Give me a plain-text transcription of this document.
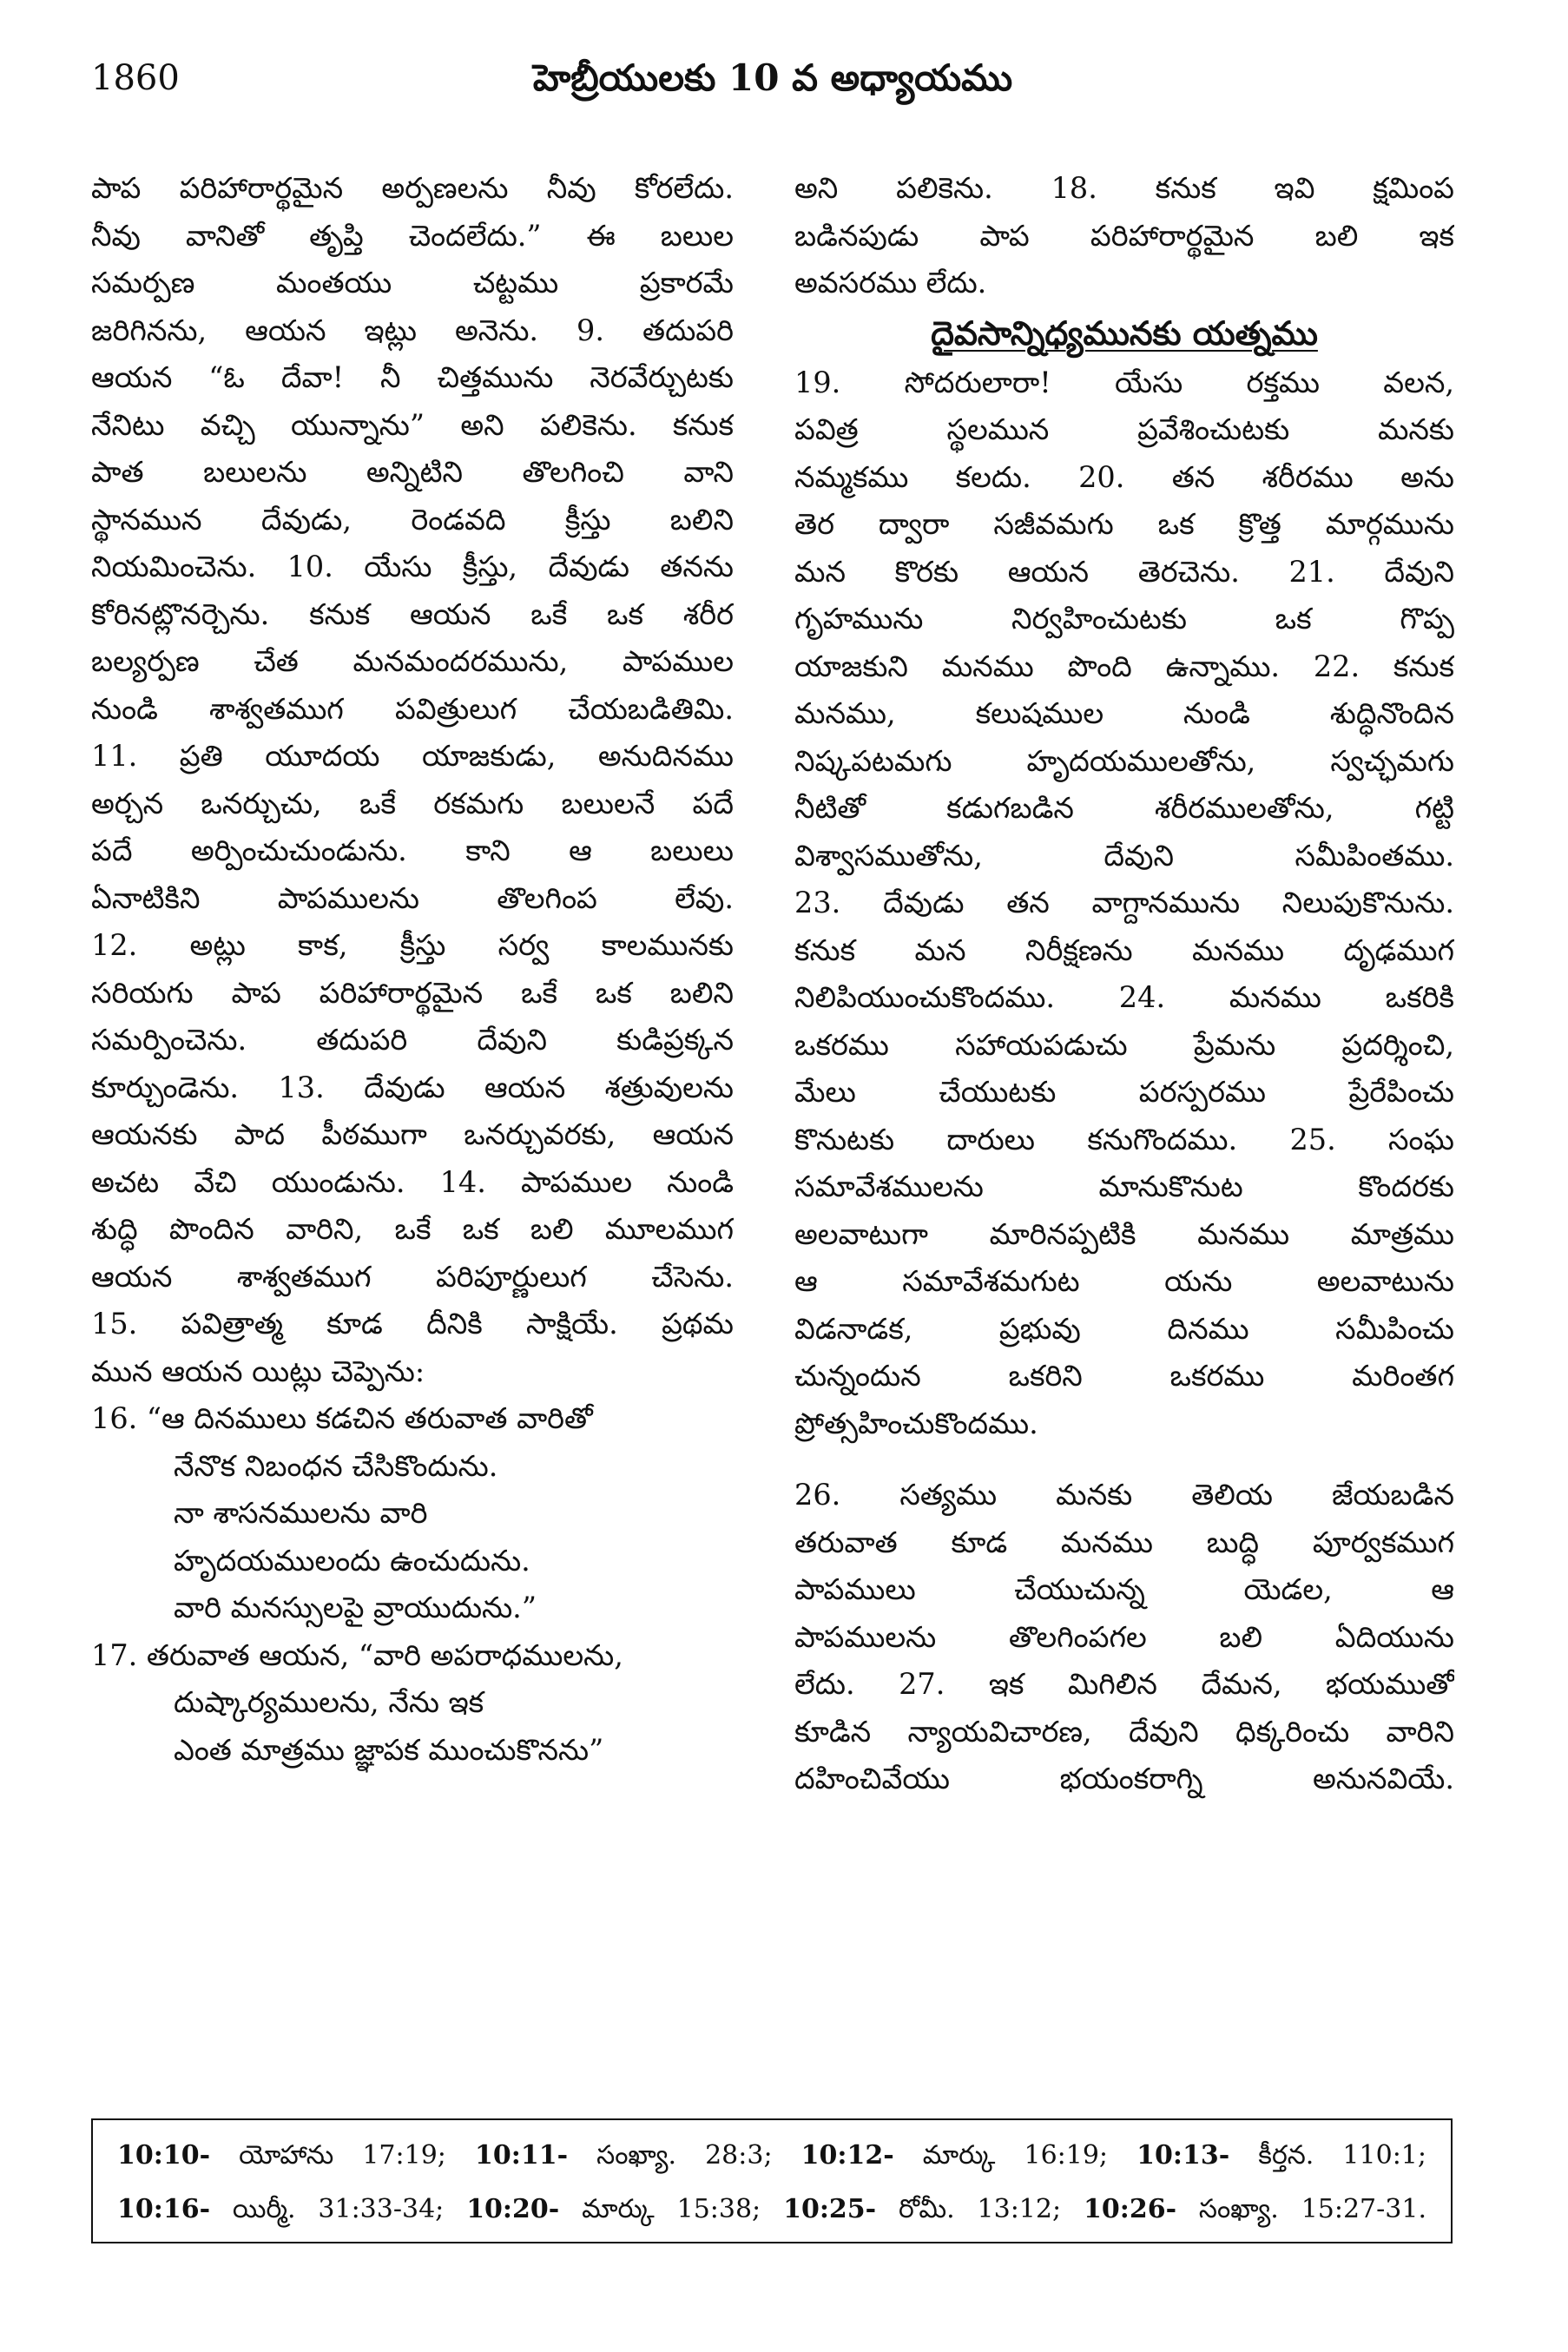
1860	హెబ్రీయులకు 10 వ అధ్యాయము
పాప పరిహారార్థమైన అర్పణలను నీవు కోరలేదు.
నీవు వానితో తృప్తి చెందలేదు.” ఈ బలుల
సమర్పణ మంతయు చట్టము ప్రకారమే
జరిగినను, ఆయన ఇట్లు అనెను. 9. తదుపరి
ఆయన “ఓ దేవా! నీ చిత్తమును నెరవేర్చుటకు
నేనిటు వచ్చి యున్నాను” అని పలికెను. కనుక
పాత బలులను అన్నిటిని తొలగించి వాని
స్థానమున దేవుడు, రెండవది క్రీస్తు బలిని
నియమించెను. 10. యేసు క్రీస్తు, దేవుడు తనను
కోరినట్లొనర్చెను. కనుక ఆయన ఒకే ఒక శరీర
బల్యర్పణ చేత మనమందరమును, పాపముల
నుండి శాశ్వతముగ పవిత్రులుగ చేయబడితిమి.
11. ప్రతి యూదయ యాజకుడు, అనుదినము
అర్చన ఒనర్చుచు, ఒకే రకమగు బలులనే పదే
పదే అర్పించుచుండును. కాని ఆ బలులు
ఏనాటికిని పాపములను తొలగింప లేవు.
12. అట్లు కాక, క్రీస్తు సర్వ కాలమునకు
సరియగు పాప పరిహారార్థమైన ఒకే ఒక బలిని
సమర్పించెను. తదుపరి దేవుని కుడిప్రక్కన
కూర్చుండెను. 13. దేవుడు ఆయన శత్రువులను
ఆయనకు పాద పీఠముగా ఒనర్చువరకు, ఆయన
అచట వేచి యుండును. 14. పాపముల నుండి
శుద్ధి పొందిన వారిని, ఒకే ఒక బలి మూలముగ
ఆయన శాశ్వతముగ పరిపూర్ణులుగ చేసెను.
15. పవిత్రాత్మ కూడ దీనికి సాక్షియే. ప్రథమ
మున ఆయన యిట్లు చెప్పెను:
16. “ఆ దినములు కడచిన తరువాత వారితో
నేనొక నిబంధన చేసికొందును.
నా శాసనములను వారి
హృదయములందు ఉంచుదును.
వారి మనస్సులపై వ్రాయుదును.”
17. తరువాత ఆయన, “వారి అపరాధములను,
దుష్కార్యములను, నేను ఇక
ఎంత మాత్రము జ్ఞాపక ముంచుకొనను”
అని పలికెను. 18. కనుక ఇవి క్షమింప
బడినపుడు పాప పరిహారార్థమైన బలి ఇక
అవసరము లేదు.
దైవసాన్నిధ్యమునకు యత్నము
19. సోదరులారా! యేసు రక్తము వలన,
పవిత్ర స్థలమున ప్రవేశించుటకు మనకు
నమ్మకము కలదు. 20. తన శరీరము అను
తెర ద్వారా సజీవమగు ఒక క్రొత్త మార్గమును
మన కొరకు ఆయన తెరచెను. 21. దేవుని
గృహమును నిర్వహించుటకు ఒక గొప్ప
యాజకుని మనము పొంది ఉన్నాము. 22. కనుక
మనము, కలుషముల నుండి శుద్ధినొందిన
నిష్కపటమగు హృదయములతోను, స్వచ్ఛమగు
నీటితో కడుగబడిన శరీరములతోను, గట్టి
విశ్వాసముతోను, దేవుని సమీపింతము.
23. దేవుడు తన వాగ్దానమును నిలుపుకొనును.
కనుక మన నిరీక్షణను మనము దృఢముగ
నిలిపియుంచుకొందము. 24. మనము ఒకరికి
ఒకరము సహాయపడుచు ప్రేమను ప్రదర్శించి,
మేలు చేయుటకు పరస్పరము ప్రేరేపించు
కొనుటకు దారులు కనుగొందము. 25. సంఘ
సమావేశములను మానుకొనుట కొందరకు
అలవాటుగా మారినప్పటికి మనము మాత్రము
ఆ సమావేశమగుట యను అలవాటును
విడనాడక, ప్రభువు దినము సమీపించు
చున్నందున ఒకరిని ఒకరము మరింతగ
ప్రోత్సహించుకొందము.
26. సత్యము మనకు తెలియ జేయబడిన
తరువాత కూడ మనము బుద్ధి పూర్వకముగ
పాపములు చేయుచున్న యెడల, ఆ
పాపములను తొలగింపగల బలి ఏదియును
లేదు. 27. ఇక మిగిలిన దేమన, భయముతో
కూడిన న్యాయవిచారణ, దేవుని ధిక్కరించు వారిని
దహించివేయు భయంకరాగ్ని అనునవియే.
10:10- యోహాను 17:19; 10:11- సంఖ్యా. 28:3; 10:12- మార్కు 16:19; 10:13- కీర్తన. 110:1;
10:16- యిర్మీ. 31:33-34; 10:20- మార్కు 15:38; 10:25- రోమీ. 13:12; 10:26- సంఖ్యా. 15:27-31.
